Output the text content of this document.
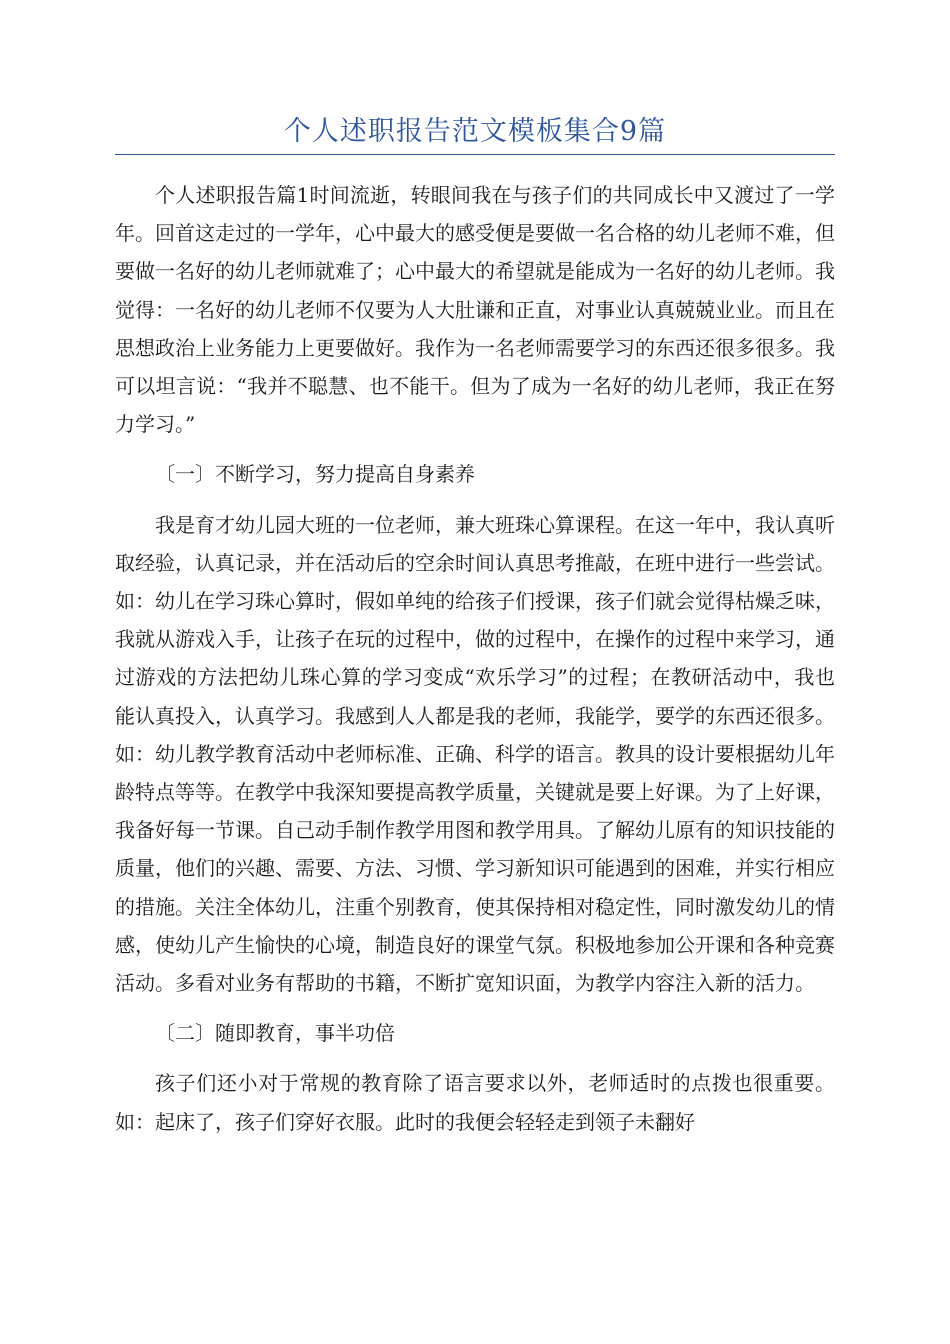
个人述职报告范文模板集合9篇

个人述职报告篇1时间流逝，转眼间我在与孩子们的共同成长中又渡过了一学年。回首这走过的一学年，心中最大的感受便是要做一名合格的幼儿老师不难，但要做一名好的幼儿老师就难了；心中最大的希望就是能成为一名好的幼儿老师。我觉得：一名好的幼儿老师不仅要为人大肚谦和正直，对事业认真兢兢业业。而且在思想政治上业务能力上更要做好。我作为一名老师需要学习的东西还很多很多。我可以坦言说：“我并不聪慧、也不能干。但为了成为一名好的幼儿老师，我正在努力学习。”

〔一〕不断学习，努力提高自身素养

我是育才幼儿园大班的一位老师，兼大班珠心算课程。在这一年中，我认真听取经验，认真记录，并在活动后的空余时间认真思考推敲，在班中进行一些尝试。如：幼儿在学习珠心算时，假如单纯的给孩子们授课，孩子们就会觉得枯燥乏味，我就从游戏入手，让孩子在玩的过程中，做的过程中，在操作的过程中来学习，通过游戏的方法把幼儿珠心算的学习变成“欢乐学习”的过程；在教研活动中，我也能认真投入，认真学习。我感到人人都是我的老师，我能学，要学的东西还很多。如：幼儿教学教育活动中老师标准、正确、科学的语言。教具的设计要根据幼儿年龄特点等等。在教学中我深知要提高教学质量，关键就是要上好课。为了上好课，我备好每一节课。自己动手制作教学用图和教学用具。了解幼儿原有的知识技能的质量，他们的兴趣、需要、方法、习惯、学习新知识可能遇到的困难，并实行相应的措施。关注全体幼儿，注重个别教育，使其保持相对稳定性，同时激发幼儿的情感，使幼儿产生愉快的心境，制造良好的课堂气氛。积极地参加公开课和各种竞赛活动。多看对业务有帮助的书籍，不断扩宽知识面，为教学内容注入新的活力。

〔二〕随即教育，事半功倍

孩子们还小对于常规的教育除了语言要求以外，老师适时的点拨也很重要。如：起床了，孩子们穿好衣服。此时的我便会轻轻走到领子未翻好
